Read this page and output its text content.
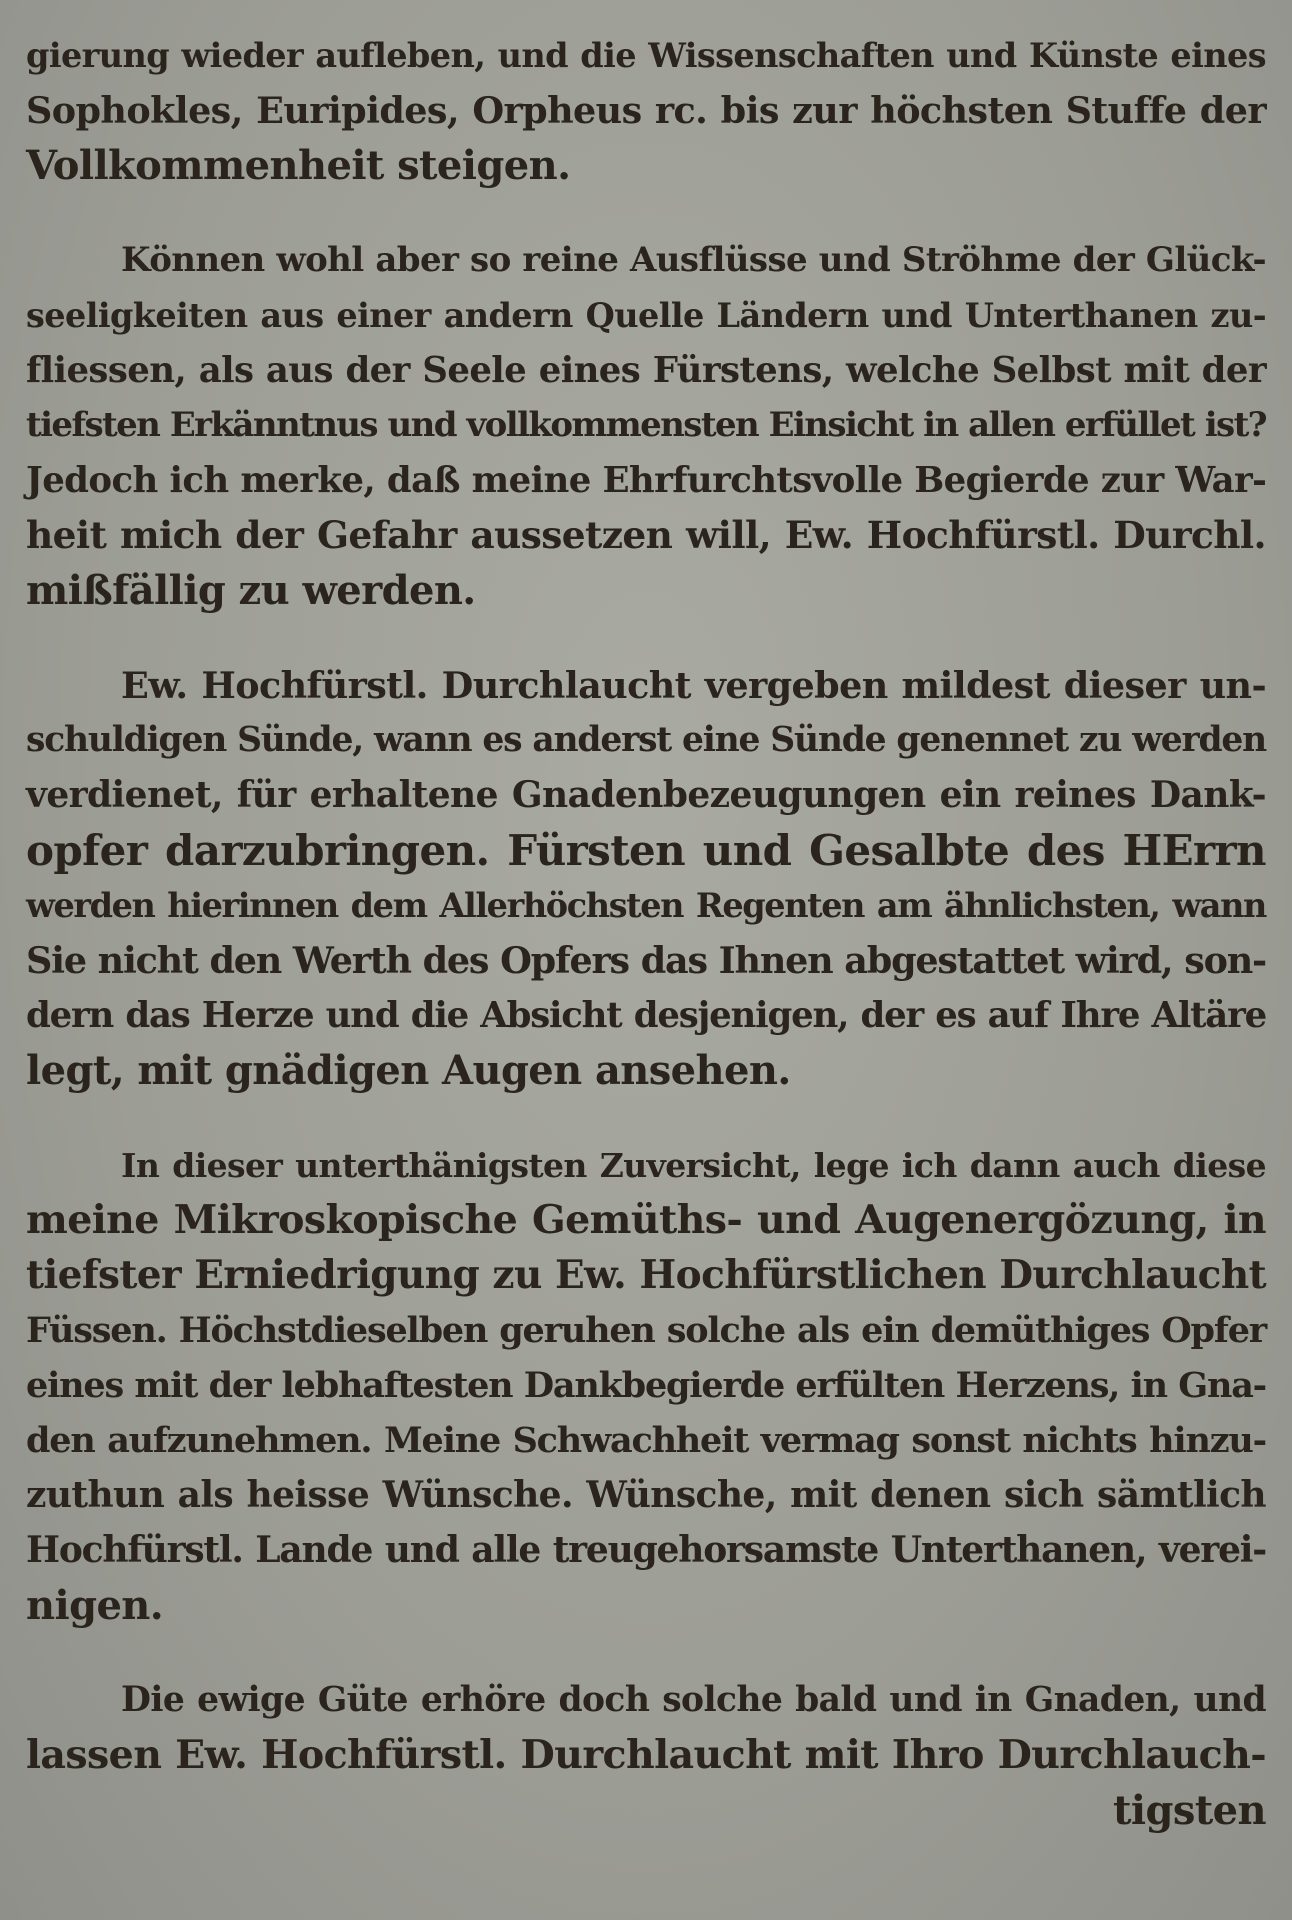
gierung wieder aufleben, und die Wissenschaften und Künste eines
Sophokles, Euripides, Orpheus rc. bis zur höchsten Stuffe der
Vollkommenheit steigen.
Können wohl aber so reine Ausflüsse und Ströhme der Glück-
seeligkeiten aus einer andern Quelle Ländern und Unterthanen zu-
fliessen, als aus der Seele eines Fürstens, welche Selbst mit der
tiefsten Erkänntnus und vollkommensten Einsicht in allen erfüllet ist?
Jedoch ich merke, daß meine Ehrfurchtsvolle Begierde zur War-
heit mich der Gefahr aussetzen will, Ew. Hochfürstl. Durchl.
mißfällig zu werden.
Ew. Hochfürstl. Durchlaucht vergeben mildest dieser un-
schuldigen Sünde, wann es anderst eine Sünde genennet zu werden
verdienet, für erhaltene Gnadenbezeugungen ein reines Dank-
opfer darzubringen. Fürsten und Gesalbte des HErrn
werden hierinnen dem Allerhöchsten Regenten am ähnlichsten, wann
Sie nicht den Werth des Opfers das Ihnen abgestattet wird, son-
dern das Herze und die Absicht desjenigen, der es auf Ihre Altäre
legt, mit gnädigen Augen ansehen.
In dieser unterthänigsten Zuversicht, lege ich dann auch diese
meine Mikroskopische Gemüths- und Augenergözung, in
tiefster Erniedrigung zu Ew. Hochfürstlichen Durchlaucht
Füssen. Höchstdieselben geruhen solche als ein demüthiges Opfer
eines mit der lebhaftesten Dankbegierde erfülten Herzens, in Gna-
den aufzunehmen. Meine Schwachheit vermag sonst nichts hinzu-
zuthun als heisse Wünsche. Wünsche, mit denen sich sämtlich
Hochfürstl. Lande und alle treugehorsamste Unterthanen, verei-
nigen.
Die ewige Güte erhöre doch solche bald und in Gnaden, und
lassen Ew. Hochfürstl. Durchlaucht mit Ihro Durchlauch-
tigsten
